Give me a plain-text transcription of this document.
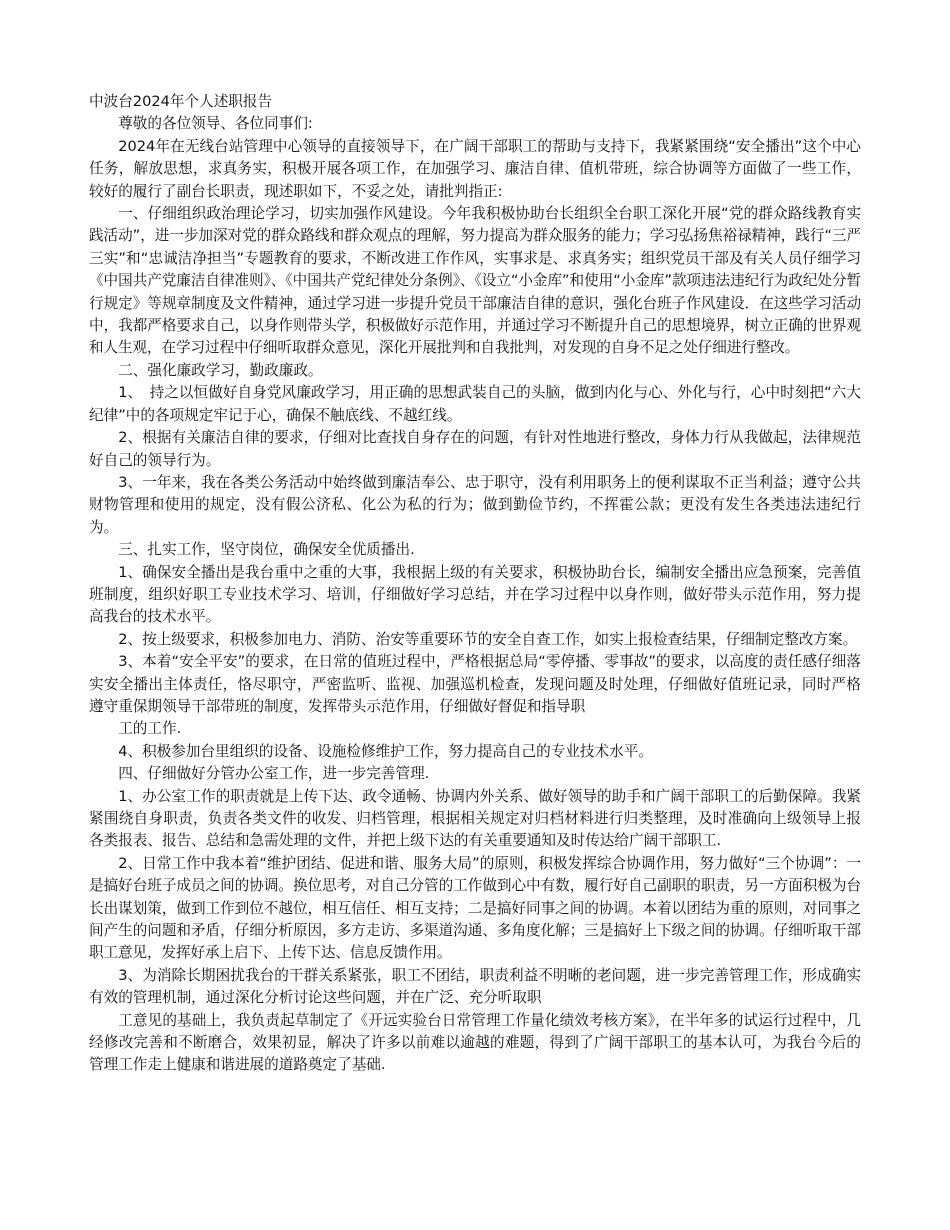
中波台2024年个人述职报告

尊敬的各位领导、各位同事们:

2024年在无线台站管理中心领导的直接领导下，在广阔干部职工的帮助与支持下，我紧紧围绕“安全播出”这个中心任务，解放思想，求真务实，积极开展各项工作，在加强学习、廉洁自律、值机带班，综合协调等方面做了一些工作，较好的履行了副台长职责，现述职如下，不妥之处，请批判指正:

一、仔细组织政治理论学习，切实加强作风建设。今年我积极协助台长组织全台职工深化开展“党的群众路线教育实践活动”，进一步加深对党的群众路线和群众观点的理解，努力提高为群众服务的能力；学习弘扬焦裕禄精神，践行“三严三实”和“忠诚洁净担当”专题教育的要求，不断改进工作作风，实事求是、求真务实；组织党员干部及有关人员仔细学习《中国共产党廉洁自律准则》、《中国共产党纪律处分条例》、《设立“小金库”和使用“小金库”款项违法违纪行为政纪处分暂行规定》等规章制度及文件精神，通过学习进一步提升党员干部廉洁自律的意识，强化台班子作风建设．在这些学习活动中，我都严格要求自己，以身作则带头学，积极做好示范作用，并通过学习不断提升自己的思想境界，树立正确的世界观和人生观，在学习过程中仔细听取群众意见，深化开展批判和自我批判，对发现的自身不足之处仔细进行整改。

二、强化廉政学习，勤政廉政。

1、　持之以恒做好自身党风廉政学习，用正确的思想武装自己的头脑，做到内化与心、外化与行，心中时刻把“六大纪律”中的各项规定牢记于心，确保不触底线、不越红线。

2、根据有关廉洁自律的要求，仔细对比查找自身存在的问题，有针对性地进行整改，身体力行从我做起，法律规范好自己的领导行为。

3、一年来，我在各类公务活动中始终做到廉洁奉公、忠于职守，没有利用职务上的便利谋取不正当利益；遵守公共财物管理和使用的规定，没有假公济私、化公为私的行为；做到勤俭节约，不挥霍公款；更没有发生各类违法违纪行为。

三、扎实工作，坚守岗位，确保安全优质播出.

1、确保安全播出是我台重中之重的大事，我根据上级的有关要求，积极协助台长，编制安全播出应急预案，完善值班制度，组织好职工专业技术学习、培训，仔细做好学习总结，并在学习过程中以身作则，做好带头示范作用，努力提高我台的技术水平。

2、按上级要求，积极参加电力、消防、治安等重要环节的安全自查工作，如实上报检查结果，仔细制定整改方案。

3、本着“安全平安”的要求，在日常的值班过程中，严格根据总局“零停播、零事故”的要求，以高度的责任感仔细落实安全播出主体责任，恪尽职守，严密监听、监视、加强巡机检查，发现问题及时处理，仔细做好值班记录，同时严格遵守重保期领导干部带班的制度，发挥带头示范作用，仔细做好督促和指导职

工的工作.

4、积极参加台里组织的设备、设施检修维护工作，努力提高自己的专业技术水平。

四、仔细做好分管办公室工作，进一步完善管理.

1、办公室工作的职责就是上传下达、政令通畅、协调内外关系、做好领导的助手和广阔干部职工的后勤保障。我紧紧围绕自身职责，负责各类文件的收发、归档管理，根据相关规定对归档材料进行归类整理，及时准确向上级领导上报各类报表、报告、总结和急需处理的文件，并把上级下达的有关重要通知及时传达给广阔干部职工.

2、日常工作中我本着“维护团结、促进和谐、服务大局”的原则，积极发挥综合协调作用，努力做好“三个协调”：一是搞好台班子成员之间的协调。换位思考，对自己分管的工作做到心中有数，履行好自己副职的职责，另一方面积极为台长出谋划策，做到工作到位不越位，相互信任、相互支持；二是搞好同事之间的协调。本着以团结为重的原则，对同事之间产生的问题和矛盾，仔细分析原因，多方走访、多渠道沟通、多角度化解；三是搞好上下级之间的协调。仔细听取干部职工意见，发挥好承上启下、上传下达、信息反馈作用。

3、为消除长期困扰我台的干群关系紧张，职工不团结，职责利益不明晰的老问题，进一步完善管理工作，形成确实有效的管理机制，通过深化分析讨论这些问题，并在广泛、充分听取职

工意见的基础上，我负责起草制定了《开远实验台日常管理工作量化绩效考核方案》，在半年多的试运行过程中，几经修改完善和不断磨合，效果初显，解决了许多以前难以逾越的难题，得到了广阔干部职工的基本认可，为我台今后的管理工作走上健康和谐进展的道路奠定了基础.
